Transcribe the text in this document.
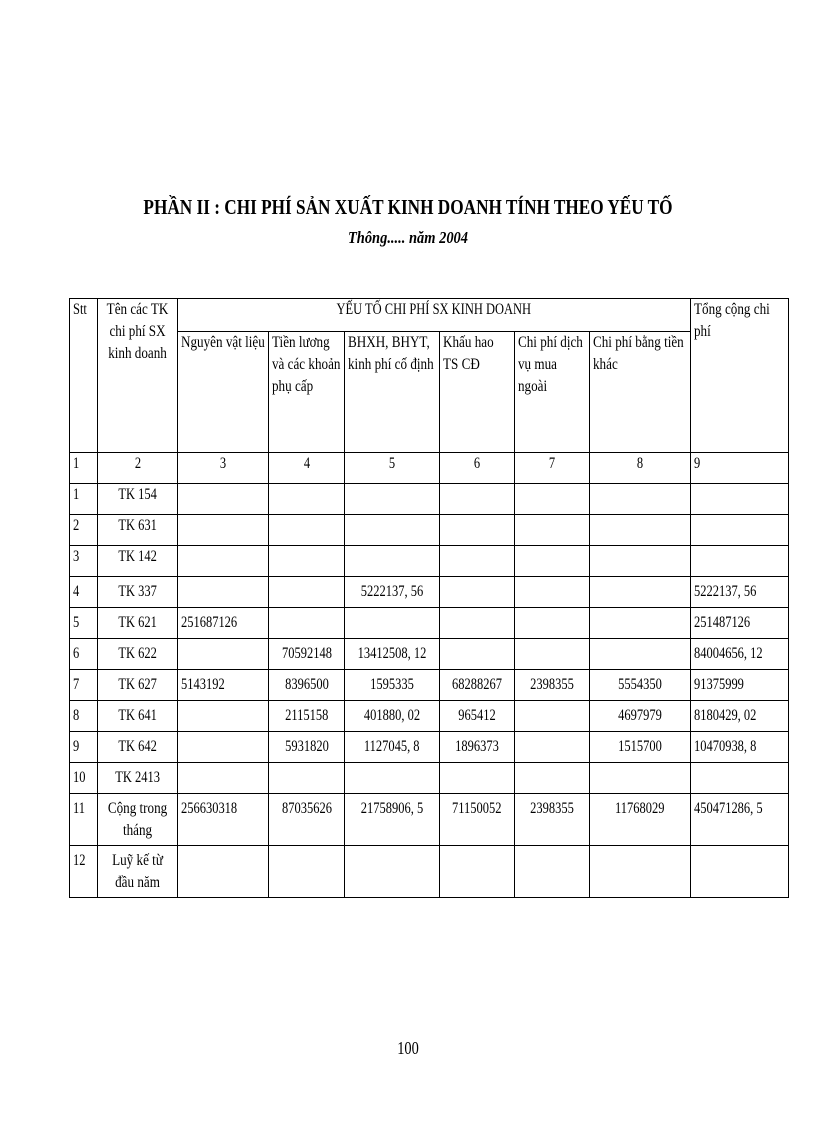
PHẦN II : CHI PHÍ SẢN XUẤT KINH DOANH TÍNH THEO YẾU TỐ
Thông..... năm 2004
Stt	Tên các TK chi phí SX kinh doanh	YẾU TỐ CHI PHÍ SX KINH DOANH						Tổng cộng chi phí

		Nguyên vật liệu	Tiền lương và các khoản phụ cấp	BHXH, BHYT, kinh phí cố định	Khấu hao TS CĐ	Chi phí dịch vụ mua ngoài	Chi phí bằng tiền khác	

1	2	3	4	5	6	7	8	9
1	TK 154							
2	TK 631							
3	TK 142							
4	TK 337			5222137, 56				5222137, 56
5	TK 621	251687126						251487126
6	TK 622		70592148	13412508, 12				84004656, 12
7	TK 627	5143192	8396500	1595335	68288267	2398355	5554350	91375999
8	TK 641		2115158	401880, 02	965412		4697979	8180429, 02
9	TK 642		5931820	1127045, 8	1896373		1515700	10470938, 8
10	TK 2413							
11	Cộng trong tháng	256630318	87035626	21758906, 5	71150052	2398355	11768029	450471286, 5
12	Luỹ kế từ đầu năm							

100
